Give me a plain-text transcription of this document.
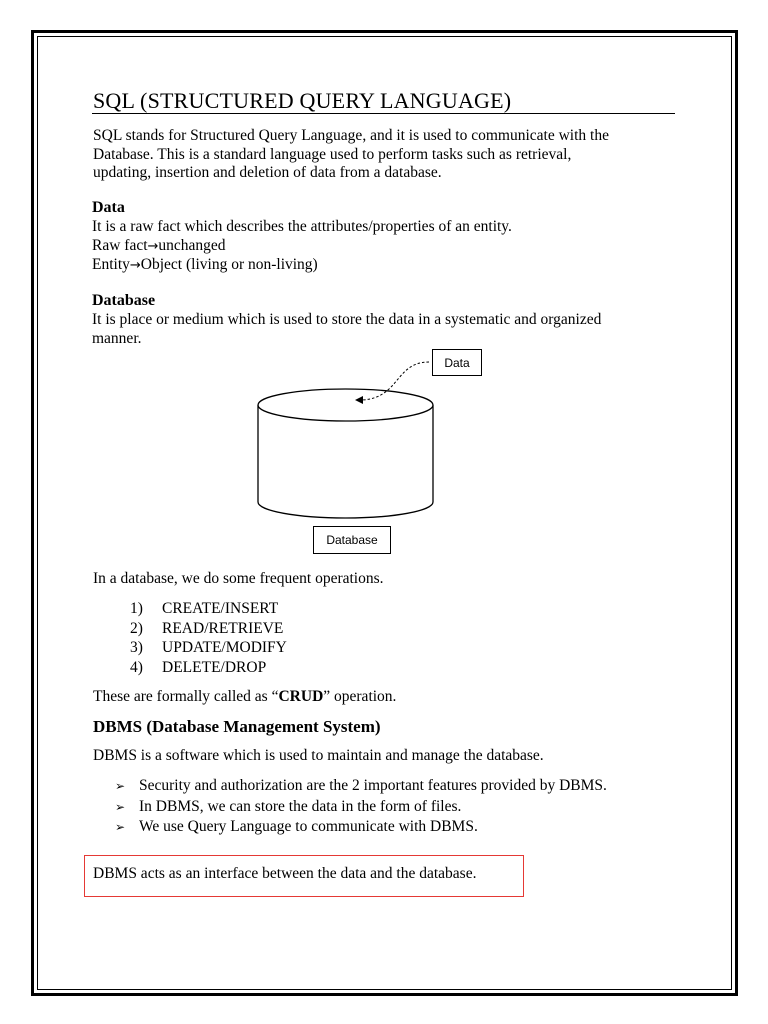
SQL (STRUCTURED QUERY LANGUAGE)
SQL stands for Structured Query Language, and it is used to communicate with the
Database. This is a standard language used to perform tasks such as retrieval,
updating, insertion and deletion of data from a database.
Data
It is a raw fact which describes the attributes/properties of an entity.
Raw fact→unchanged
Entity→Object (living or non-living)
Database
It is place or medium which is used to store the data in a systematic and organized
manner.
Data
Database
In a database, we do some frequent operations.
1) CREATE/INSERT
2) READ/RETRIEVE
3) UPDATE/MODIFY
4) DELETE/DROP
These are formally called as “CRUD” operation.
DBMS (Database Management System)
DBMS is a software which is used to maintain and manage the database.
➢ Security and authorization are the 2 important features provided by DBMS.
➢ In DBMS, we can store the data in the form of files.
➢ We use Query Language to communicate with DBMS.
DBMS acts as an interface between the data and the database.
